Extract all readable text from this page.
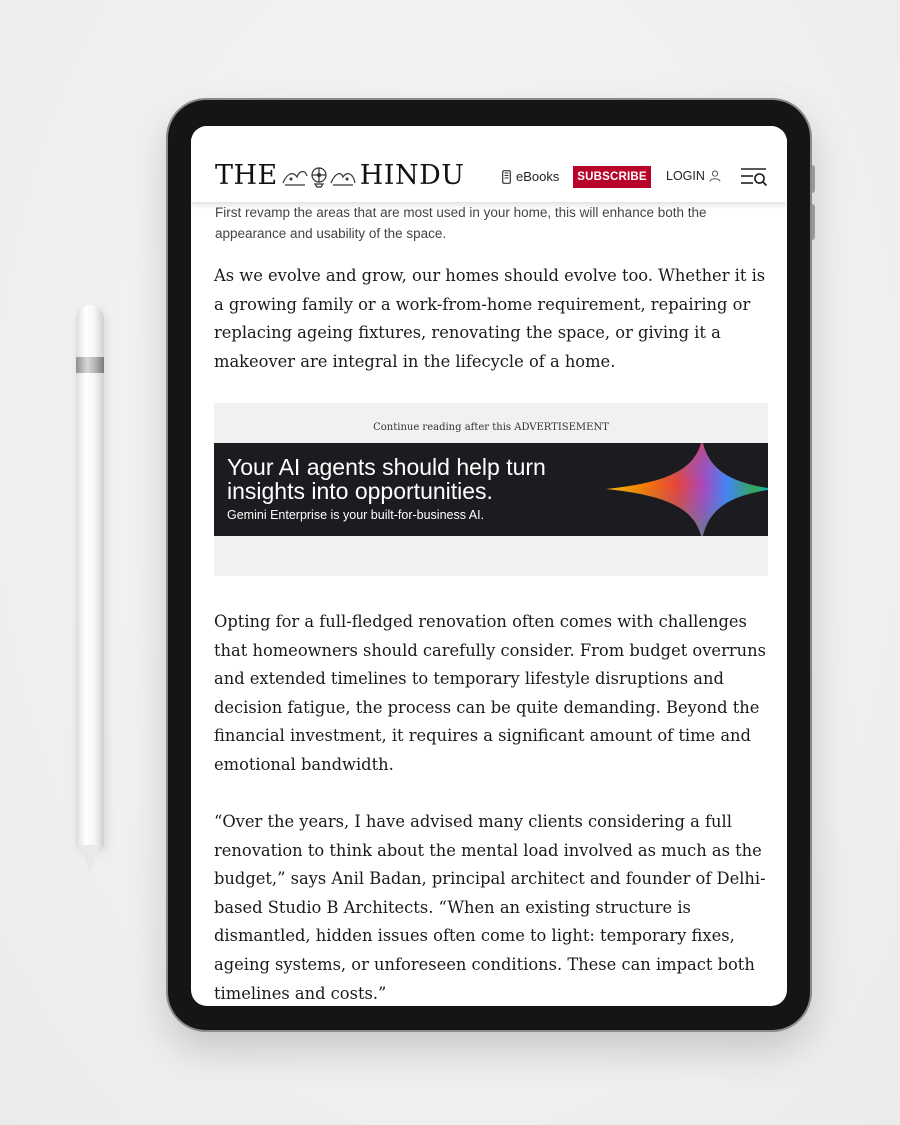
THE	HINDU	eBooks	SUBSCRIBE	LOGIN
First revamp the areas that are most used in your home, this will enhance both the appearance and usability of the space.
As we evolve and grow, our homes should evolve too. Whether it is a growing family or a work-from-home requirement, repairing or replacing ageing fixtures, renovating the space, or giving it a makeover are integral in the lifecycle of a home.
Continue reading after this ADVERTISEMENT
Your AI agents should help turn insights into opportunities.
Gemini Enterprise is your built-for-business AI.
Opting for a full-fledged renovation often comes with challenges that homeowners should carefully consider. From budget overruns and extended timelines to temporary lifestyle disruptions and decision fatigue, the process can be quite demanding. Beyond the financial investment, it requires a significant amount of time and emotional bandwidth.
“Over the years, I have advised many clients considering a full renovation to think about the mental load involved as much as the budget,” says Anil Badan, principal architect and founder of Delhi-based Studio B Architects. “When an existing structure is dismantled, hidden issues often come to light: temporary fixes, ageing systems, or unforeseen conditions. These can impact both timelines and costs.”
